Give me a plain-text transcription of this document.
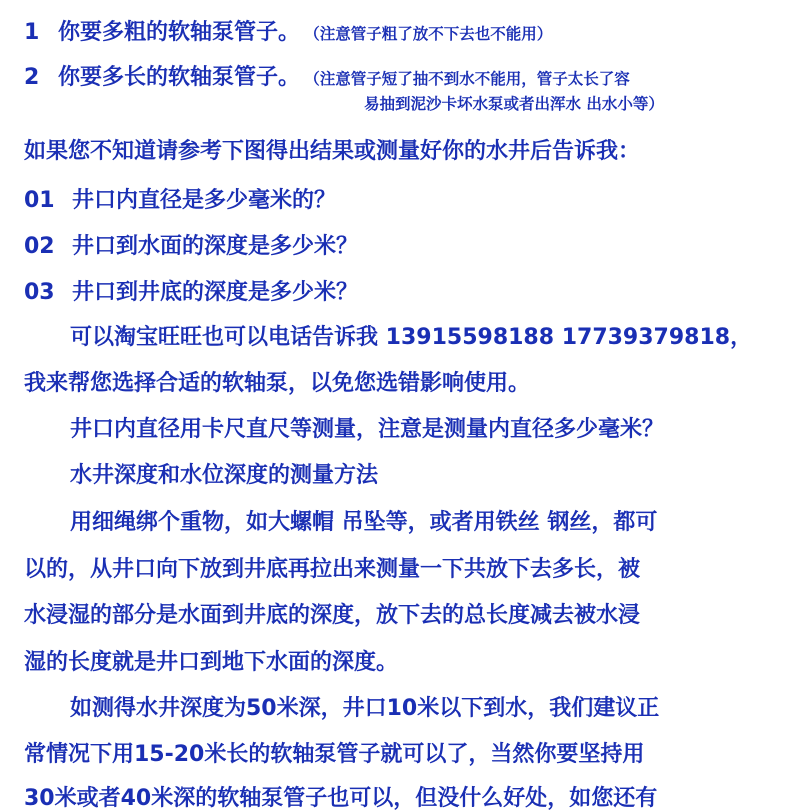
1 你要多粗的软轴泵管子。 （注意管子粗了放不下去也不能用）
2 你要多长的软轴泵管子。 （注意管子短了抽不到水不能用，管子太长了容
易抽到泥沙卡坏水泵或者出浑水 出水小等）
如果您不知道请参考下图得出结果或测量好你的水井后告诉我：
01 井口内直径是多少毫米的？
02 井口到水面的深度是多少米？
03 井口到井底的深度是多少米？
可以淘宝旺旺也可以电话告诉我 13915598188 17739379818，
我来帮您选择合适的软轴泵，以免您选错影响使用。
井口内直径用卡尺直尺等测量，注意是测量内直径多少毫米？
水井深度和水位深度的测量方法
用细绳绑个重物，如大螺帽 吊坠等，或者用铁丝 钢丝，都可
以的，从井口向下放到井底再拉出来测量一下共放下去多长，被
水浸湿的部分是水面到井底的深度，放下去的总长度减去被水浸
湿的长度就是井口到地下水面的深度。
如测得水井深度为50米深，井口10米以下到水，我们建议正
常情况下用15-20米长的软轴泵管子就可以了，当然你要坚持用
30米或者40米深的软轴泵管子也可以，但没什么好处，如您还有
